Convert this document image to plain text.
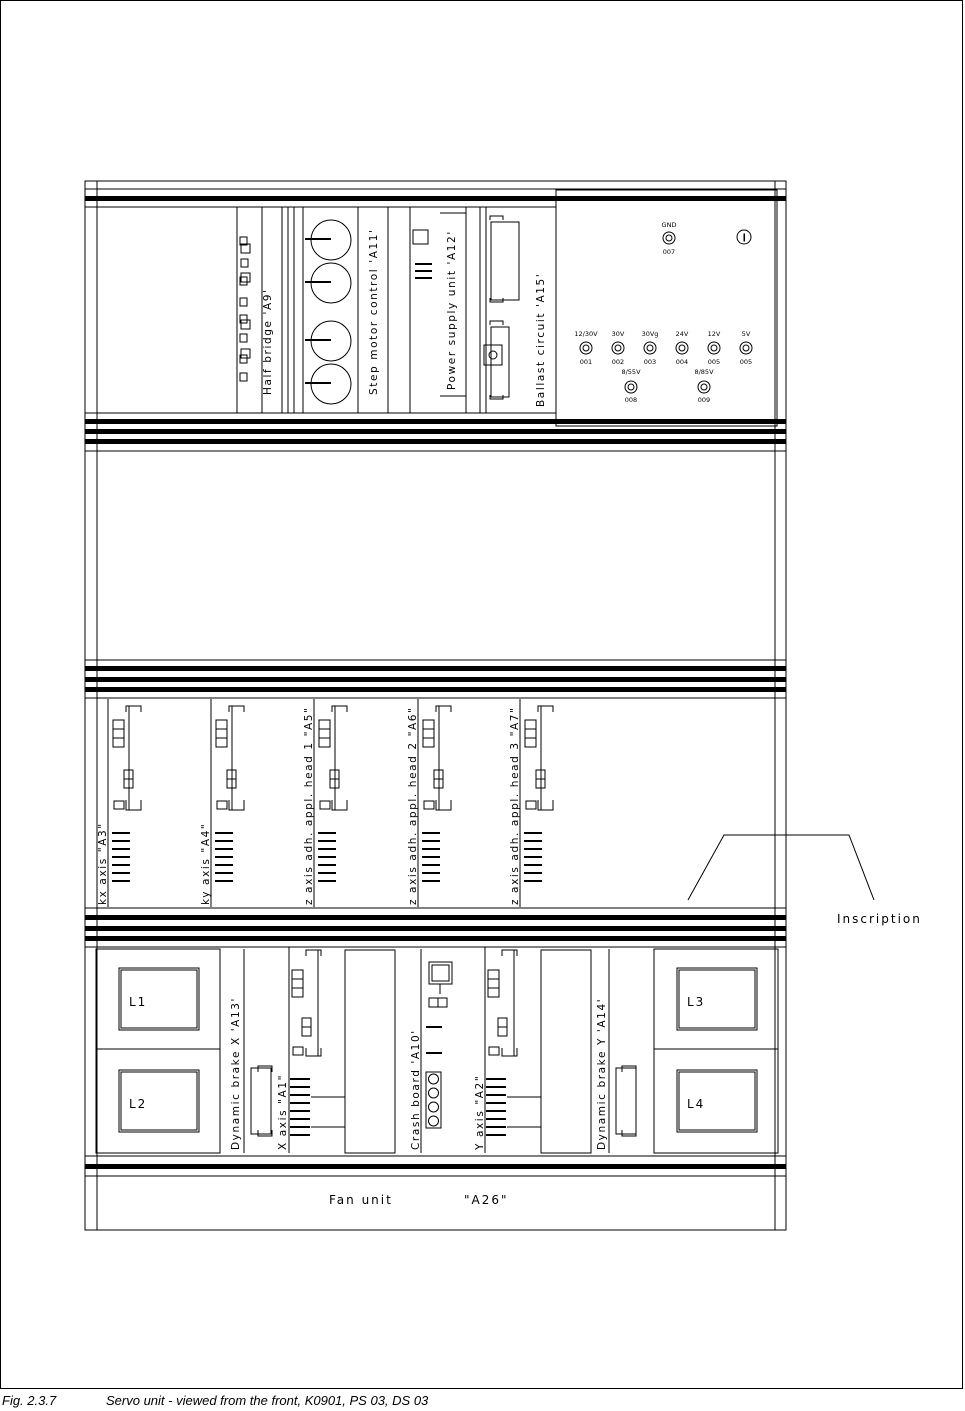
Half bridge 'A9'	Step motor control 'A11'	Power supply unit 'A12'	Ballast circuit 'A15'
GND
007
12/30V
001
30V
002
30Vg
003
24V
004
12V
005
5V
005
8/55V
008
8/85V
009
kx axis "A3"	ky axis "A4"	z axis adh. appl. head 1 "A5"	z axis adh. appl. head 2 "A6"	z axis adh. appl. head 3 "A7"
Inscription
L1
L2
L3
L4
Dynamic brake X 'A13'	X axis "A1"	Crash board 'A10'	Y axis "A2"	Dynamic brake Y 'A14'
Fan unit	"A26"
Fig. 2.3.7	Servo unit - viewed from the front, K0901, PS 03, DS 03
